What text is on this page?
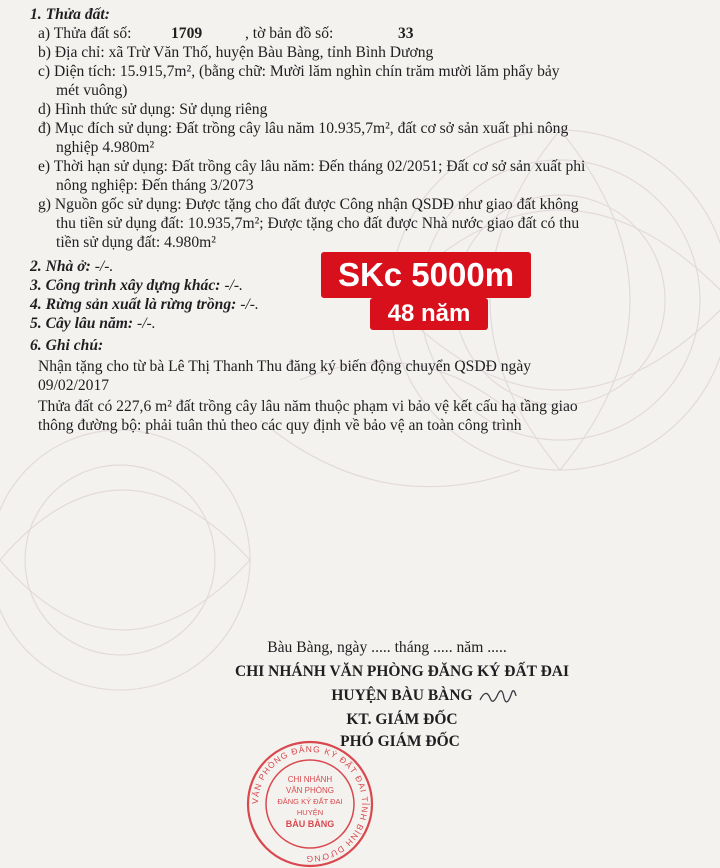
1. Thửa đất:
a) Thửa đất số:	1709	, tờ bản đồ số:	33
b) Địa chỉ: xã Trừ Văn Thố, huyện Bàu Bàng, tỉnh Bình Dương
c) Diện tích: 15.915,7m², (bằng chữ: Mười lăm nghìn chín trăm mười lăm phẩy bảy
mét vuông)
d) Hình thức sử dụng: Sử dụng riêng
đ) Mục đích sử dụng: Đất trồng cây lâu năm 10.935,7m², đất cơ sở sản xuất phi nông
nghiệp 4.980m²
e) Thời hạn sử dụng: Đất trồng cây lâu năm: Đến tháng 02/2051; Đất cơ sở sản xuất phi
nông nghiệp: Đến tháng 3/2073
g) Nguồn gốc sử dụng: Được tặng cho đất được Công nhận QSDĐ như giao đất không
thu tiền sử dụng đất: 10.935,7m²; Được tặng cho đất được Nhà nước giao đất có thu
tiền sử dụng đất: 4.980m²
2. Nhà ở: -/-.
3. Công trình xây dựng khác: -/-.
4. Rừng sản xuất là rừng trồng: -/-.
5. Cây lâu năm: -/-.
6. Ghi chú:
Nhận tặng cho từ bà Lê Thị Thanh Thu đăng ký biến động chuyển QSDĐ ngày
09/02/2017
Thửa đất có 227,6 m² đất trồng cây lâu năm thuộc phạm vi bảo vệ kết cấu hạ tầng giao
thông đường bộ: phải tuân thủ theo các quy định về bảo vệ an toàn công trình
SKc 5000m
48 năm
Bàu Bàng, ngày ..... tháng ..... năm .....
CHI NHÁNH VĂN PHÒNG ĐĂNG KÝ ĐẤT ĐAI
HUYỆN BÀU BÀNG
KT. GIÁM ĐỐC
PHÓ GIÁM ĐỐC
VĂN PHÒNG ĐĂNG KÝ ĐẤT ĐAI TỈNH BÌNH DƯƠNG
CHI NHÁNH
VĂN PHÒNG
ĐĂNG KÝ ĐẤT ĐAI
HUYỆN
BÀU BÀNG
